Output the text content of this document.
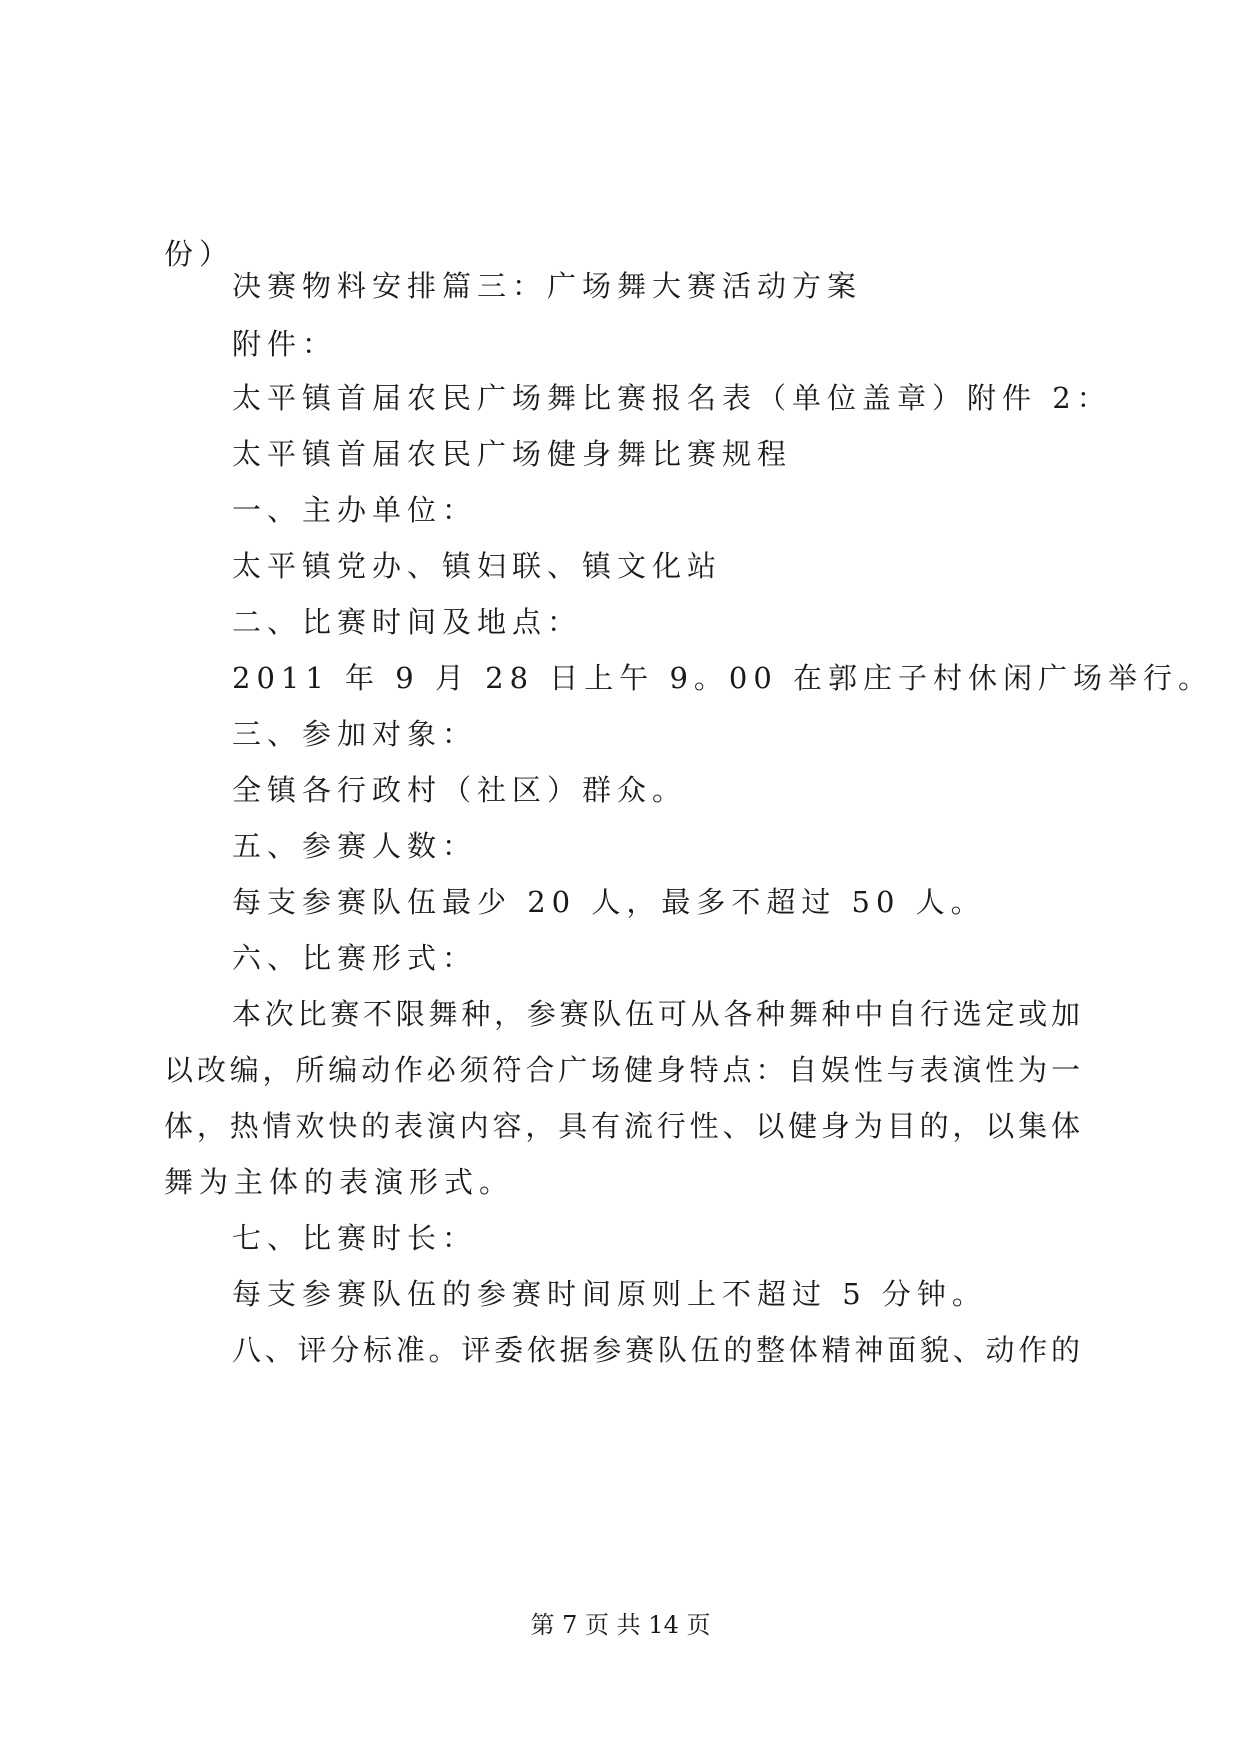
份）
决赛物料安排篇三：广场舞大赛活动方案
附件：
太平镇首届农民广场舞比赛报名表（单位盖章）附件 2：
太平镇首届农民广场健身舞比赛规程
一、主办单位：
太平镇党办、镇妇联、镇文化站
二、比赛时间及地点：
2011 年 9 月 28 日上午 9。00 在郭庄子村休闲广场举行。
三、参加对象：
全镇各行政村（社区）群众。
五、参赛人数：
每支参赛队伍最少 20 人，最多不超过 50 人。
六、比赛形式：
本次比赛不限舞种，参赛队伍可从各种舞种中自行选定或加
以改编，所编动作必须符合广场健身特点：自娱性与表演性为一
体，热情欢快的表演内容，具有流行性、以健身为目的，以集体
舞为主体的表演形式。
七、比赛时长：
每支参赛队伍的参赛时间原则上不超过 5 分钟。
八、评分标准。评委依据参赛队伍的整体精神面貌、动作的
第 7 页 共 14 页
